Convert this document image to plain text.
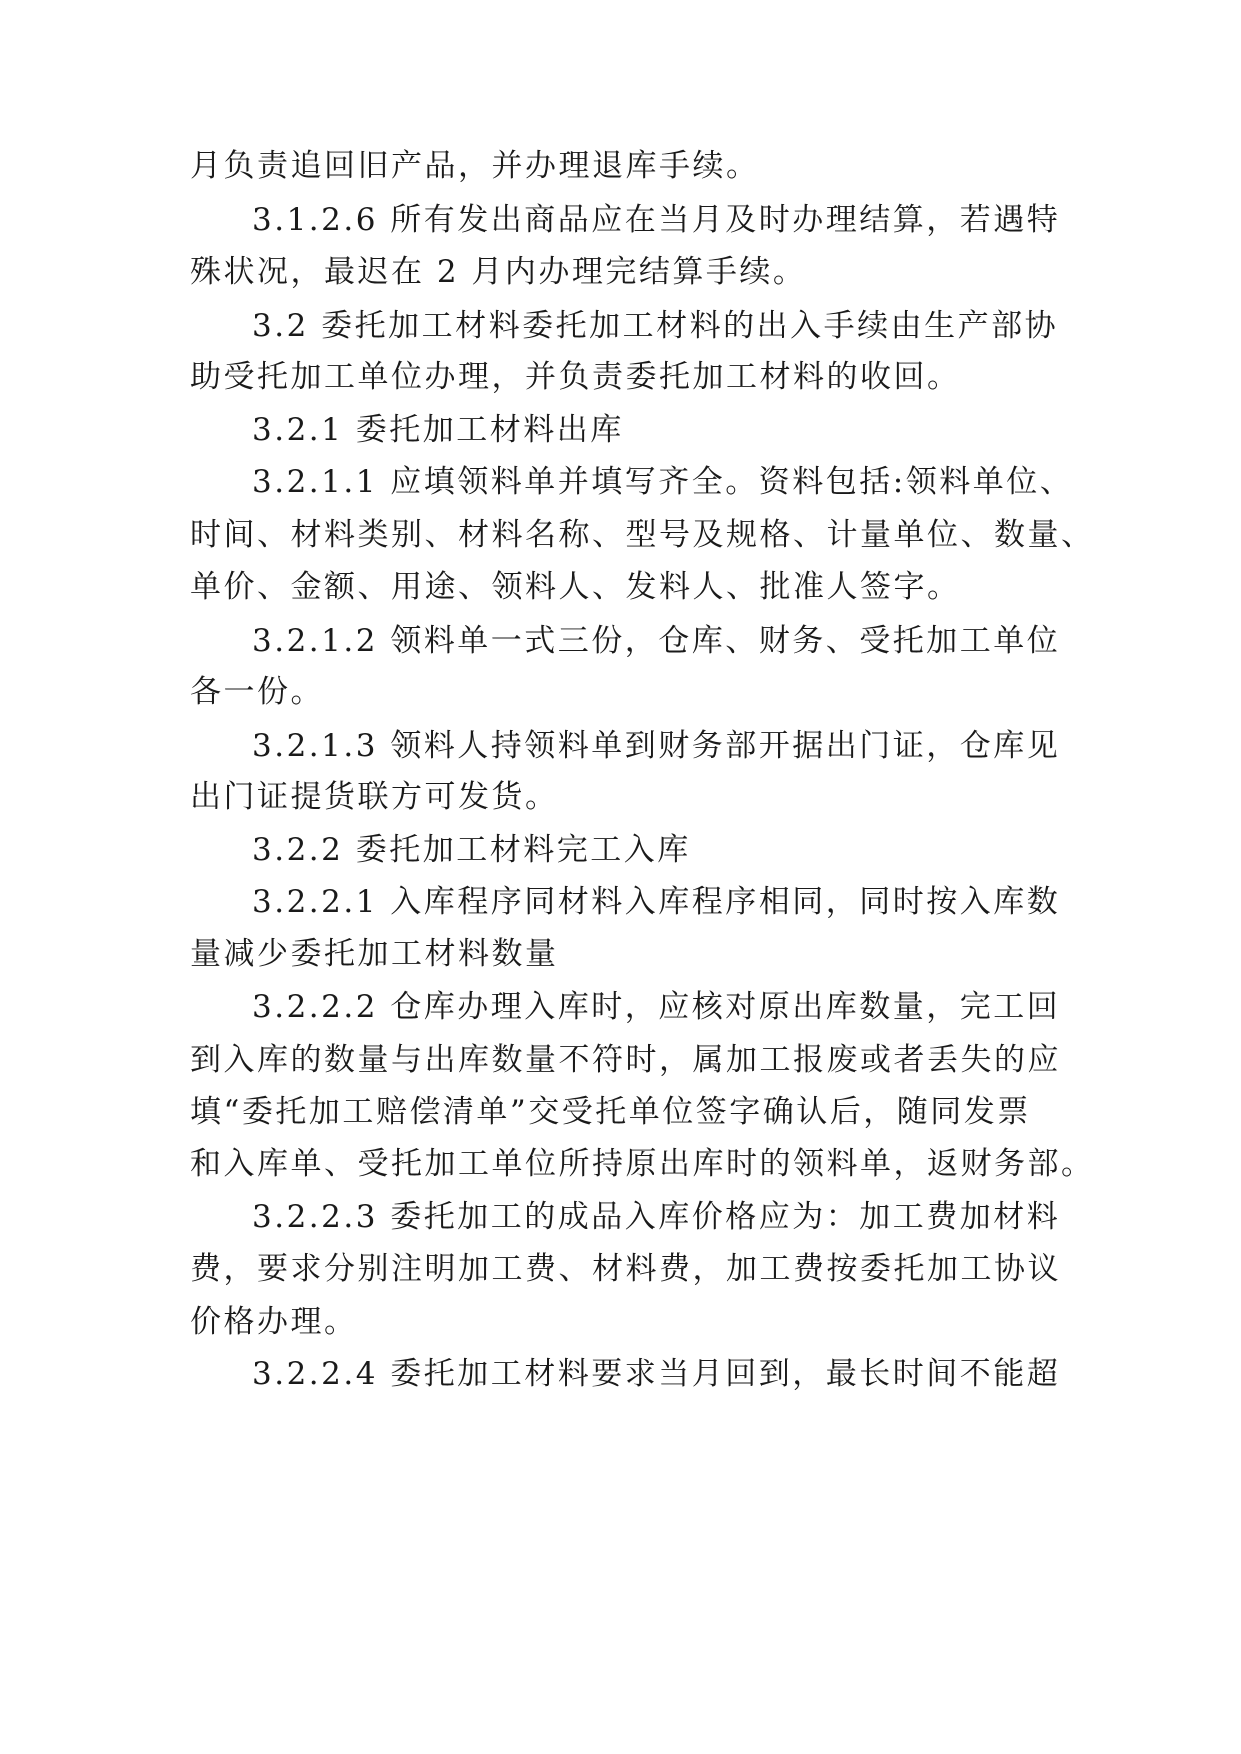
月负责追回旧产品，并办理退库手续。
3.1.2.6 所有发出商品应在当月及时办理结算，若遇特
殊状况，最迟在 2 月内办理完结算手续。
3.2 委托加工材料委托加工材料的出入手续由生产部协
助受托加工单位办理，并负责委托加工材料的收回。
3.2.1 委托加工材料出库
3.2.1.1 应填领料单并填写齐全。资料包括:领料单位、
时间、材料类别、材料名称、型号及规格、计量单位、数量、
单价、金额、用途、领料人、发料人、批准人签字。
3.2.1.2 领料单一式三份，仓库、财务、受托加工单位
各一份。
3.2.1.3 领料人持领料单到财务部开据出门证，仓库见
出门证提货联方可发货。
3.2.2 委托加工材料完工入库
3.2.2.1 入库程序同材料入库程序相同，同时按入库数
量减少委托加工材料数量
3.2.2.2 仓库办理入库时，应核对原出库数量，完工回
到入库的数量与出库数量不符时，属加工报废或者丢失的应
填“委托加工赔偿清单”交受托单位签字确认后，随同发票
和入库单、受托加工单位所持原出库时的领料单，返财务部。
3.2.2.3 委托加工的成品入库价格应为：加工费加材料
费，要求分别注明加工费、材料费，加工费按委托加工协议
价格办理。
3.2.2.4 委托加工材料要求当月回到，最长时间不能超
